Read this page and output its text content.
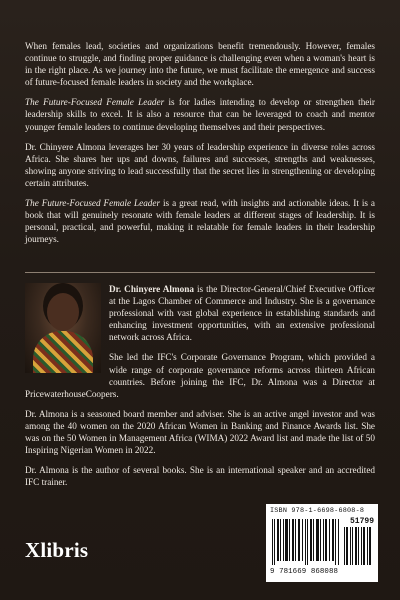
When females lead, societies and organizations benefit tremendously. However, females continue to struggle, and finding proper guidance is challenging even when a woman's heart is in the right place. As we journey into the future, we must facilitate the emergence and success of future-focused female leaders in society and the workplace.

The Future-Focused Female Leader is for ladies intending to develop or strengthen their leadership skills to excel. It is also a resource that can be leveraged to coach and mentor younger female leaders to continue developing themselves and their perspectives.

Dr. Chinyere Almona leverages her 30 years of leadership experience in diverse roles across Africa. She shares her ups and downs, failures and successes, strengths and weaknesses, showing anyone striving to lead successfully that the secret lies in strengthening or developing certain attributes.

The Future-Focused Female Leader is a great read, with insights and actionable ideas. It is a book that will genuinely resonate with female leaders at different stages of leadership. It is personal, practical, and powerful, making it relatable for female leaders in their leadership journeys.

Dr. Chinyere Almona is the Director-General/Chief Executive Officer at the Lagos Chamber of Commerce and Industry. She is a governance professional with vast global experience in establishing standards and enhancing investment opportunities, with an extensive professional network across Africa.

She led the IFC's Corporate Governance Program, which provided a wide range of corporate governance reforms across thirteen African countries. Before joining the IFC, Dr. Almona was a Director at PricewaterhouseCoopers.

Dr. Almona is a seasoned board member and adviser. She is an active angel investor and was among the 40 women on the 2020 African Women in Banking and Finance Awards list. She was on the 50 Women in Management Africa (WIMA) 2022 Award list and made the list of 50 Inspiring Nigerian Women in 2022.

Dr. Almona is the author of several books. She is an international speaker and an accredited IFC trainer.

Xlibris
ISBN 978-1-6698-6808-8
51799
9 781669 868088
